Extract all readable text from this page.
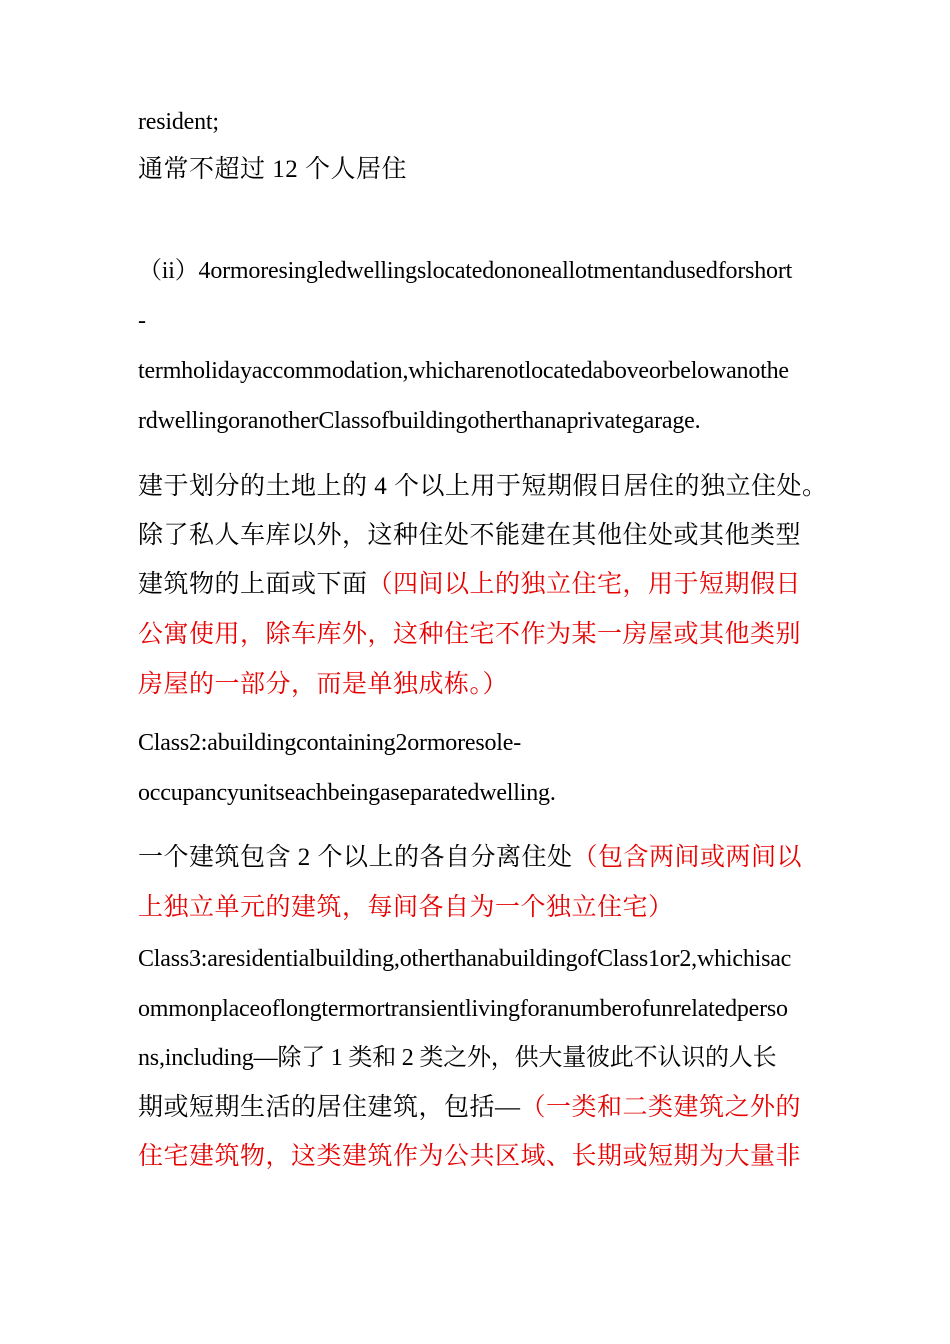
resident;
通常不超过 12 个人居住
（ii）4ormoresingledwellingslocatedononeallotmentandusedforshort
-
termholidayaccommodation,whicharenotlocatedaboveorbelowanothe
rdwellingoranotherClassofbuildingotherthanaprivategarage.
建于划分的土地上的 4 个以上用于短期假日居住的独立住处。
除了私人车库以外，这种住处不能建在其他住处或其他类型
建筑物的上面或下面（四间以上的独立住宅，用于短期假日
公寓使用，除车库外，这种住宅不作为某一房屋或其他类别
房屋的一部分，而是单独成栋。）
Class2:abuildingcontaining2ormoresole-
occupancyunitseachbeingaseparatedwelling.
一个建筑包含 2 个以上的各自分离住处（包含两间或两间以
上独立单元的建筑，每间各自为一个独立住宅）
Class3:aresidentialbuilding,otherthanabuildingofClass1or2,whichisac
ommonplaceoflongtermortransientlivingforanumberofunrelatedperso
ns,including—除了 1 类和 2 类之外，供大量彼此不认识的人长
期或短期生活的居住建筑，包括—（一类和二类建筑之外的
住宅建筑物，这类建筑作为公共区域、长期或短期为大量非
